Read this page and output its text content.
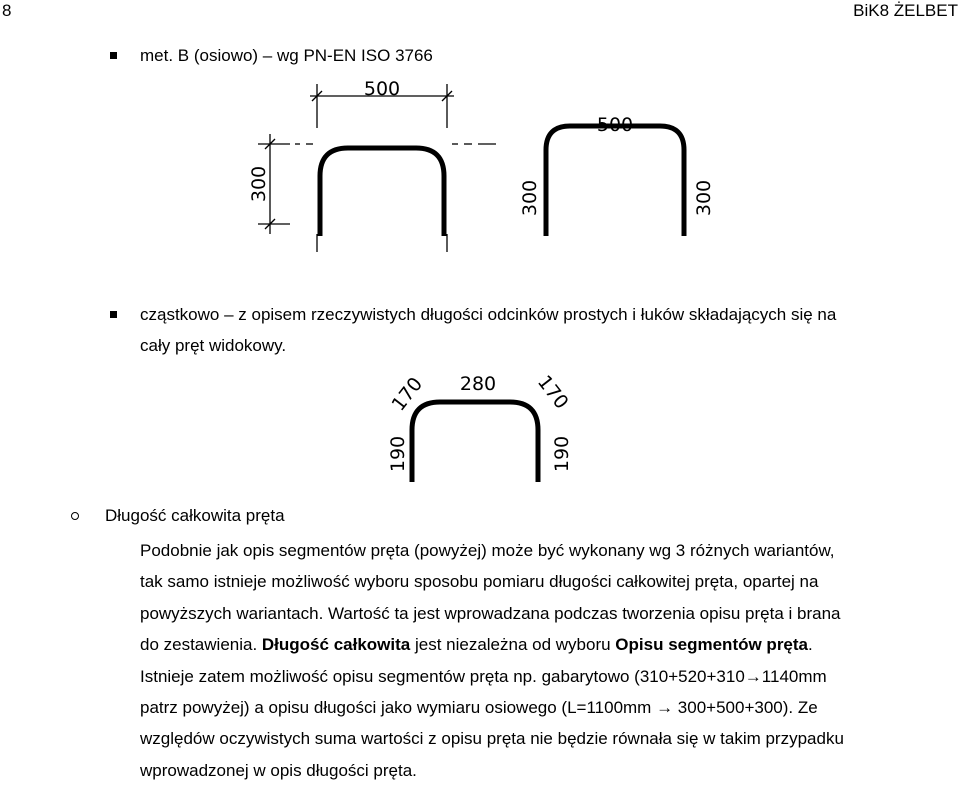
8	BiK8 ŻELBET
met. B (osiowo) – wg PN-EN ISO 3766
500
300
500
300	300
cząstkowo – z opisem rzeczywistych długości odcinków prostych i łuków składających się na
cały pręt widokowy.
280
170	170
190	190
Długość całkowita pręta
Podobnie jak opis segmentów pręta (powyżej) może być wykonany wg 3 różnych wariantów,
tak samo istnieje możliwość wyboru sposobu pomiaru długości całkowitej pręta, opartej na
powyższych wariantach. Wartość ta jest wprowadzana podczas tworzenia opisu pręta i brana
do zestawienia. Długość całkowita jest niezależna od wyboru Opisu segmentów pręta.
Istnieje zatem możliwość opisu segmentów pręta np. gabarytowo (310+520+310→1140mm
patrz powyżej) a opisu długości jako wymiaru osiowego (L=1100mm → 300+500+300). Ze
względów oczywistych suma wartości z opisu pręta nie będzie równała się w takim przypadku
wprowadzonej w opis długości pręta.
